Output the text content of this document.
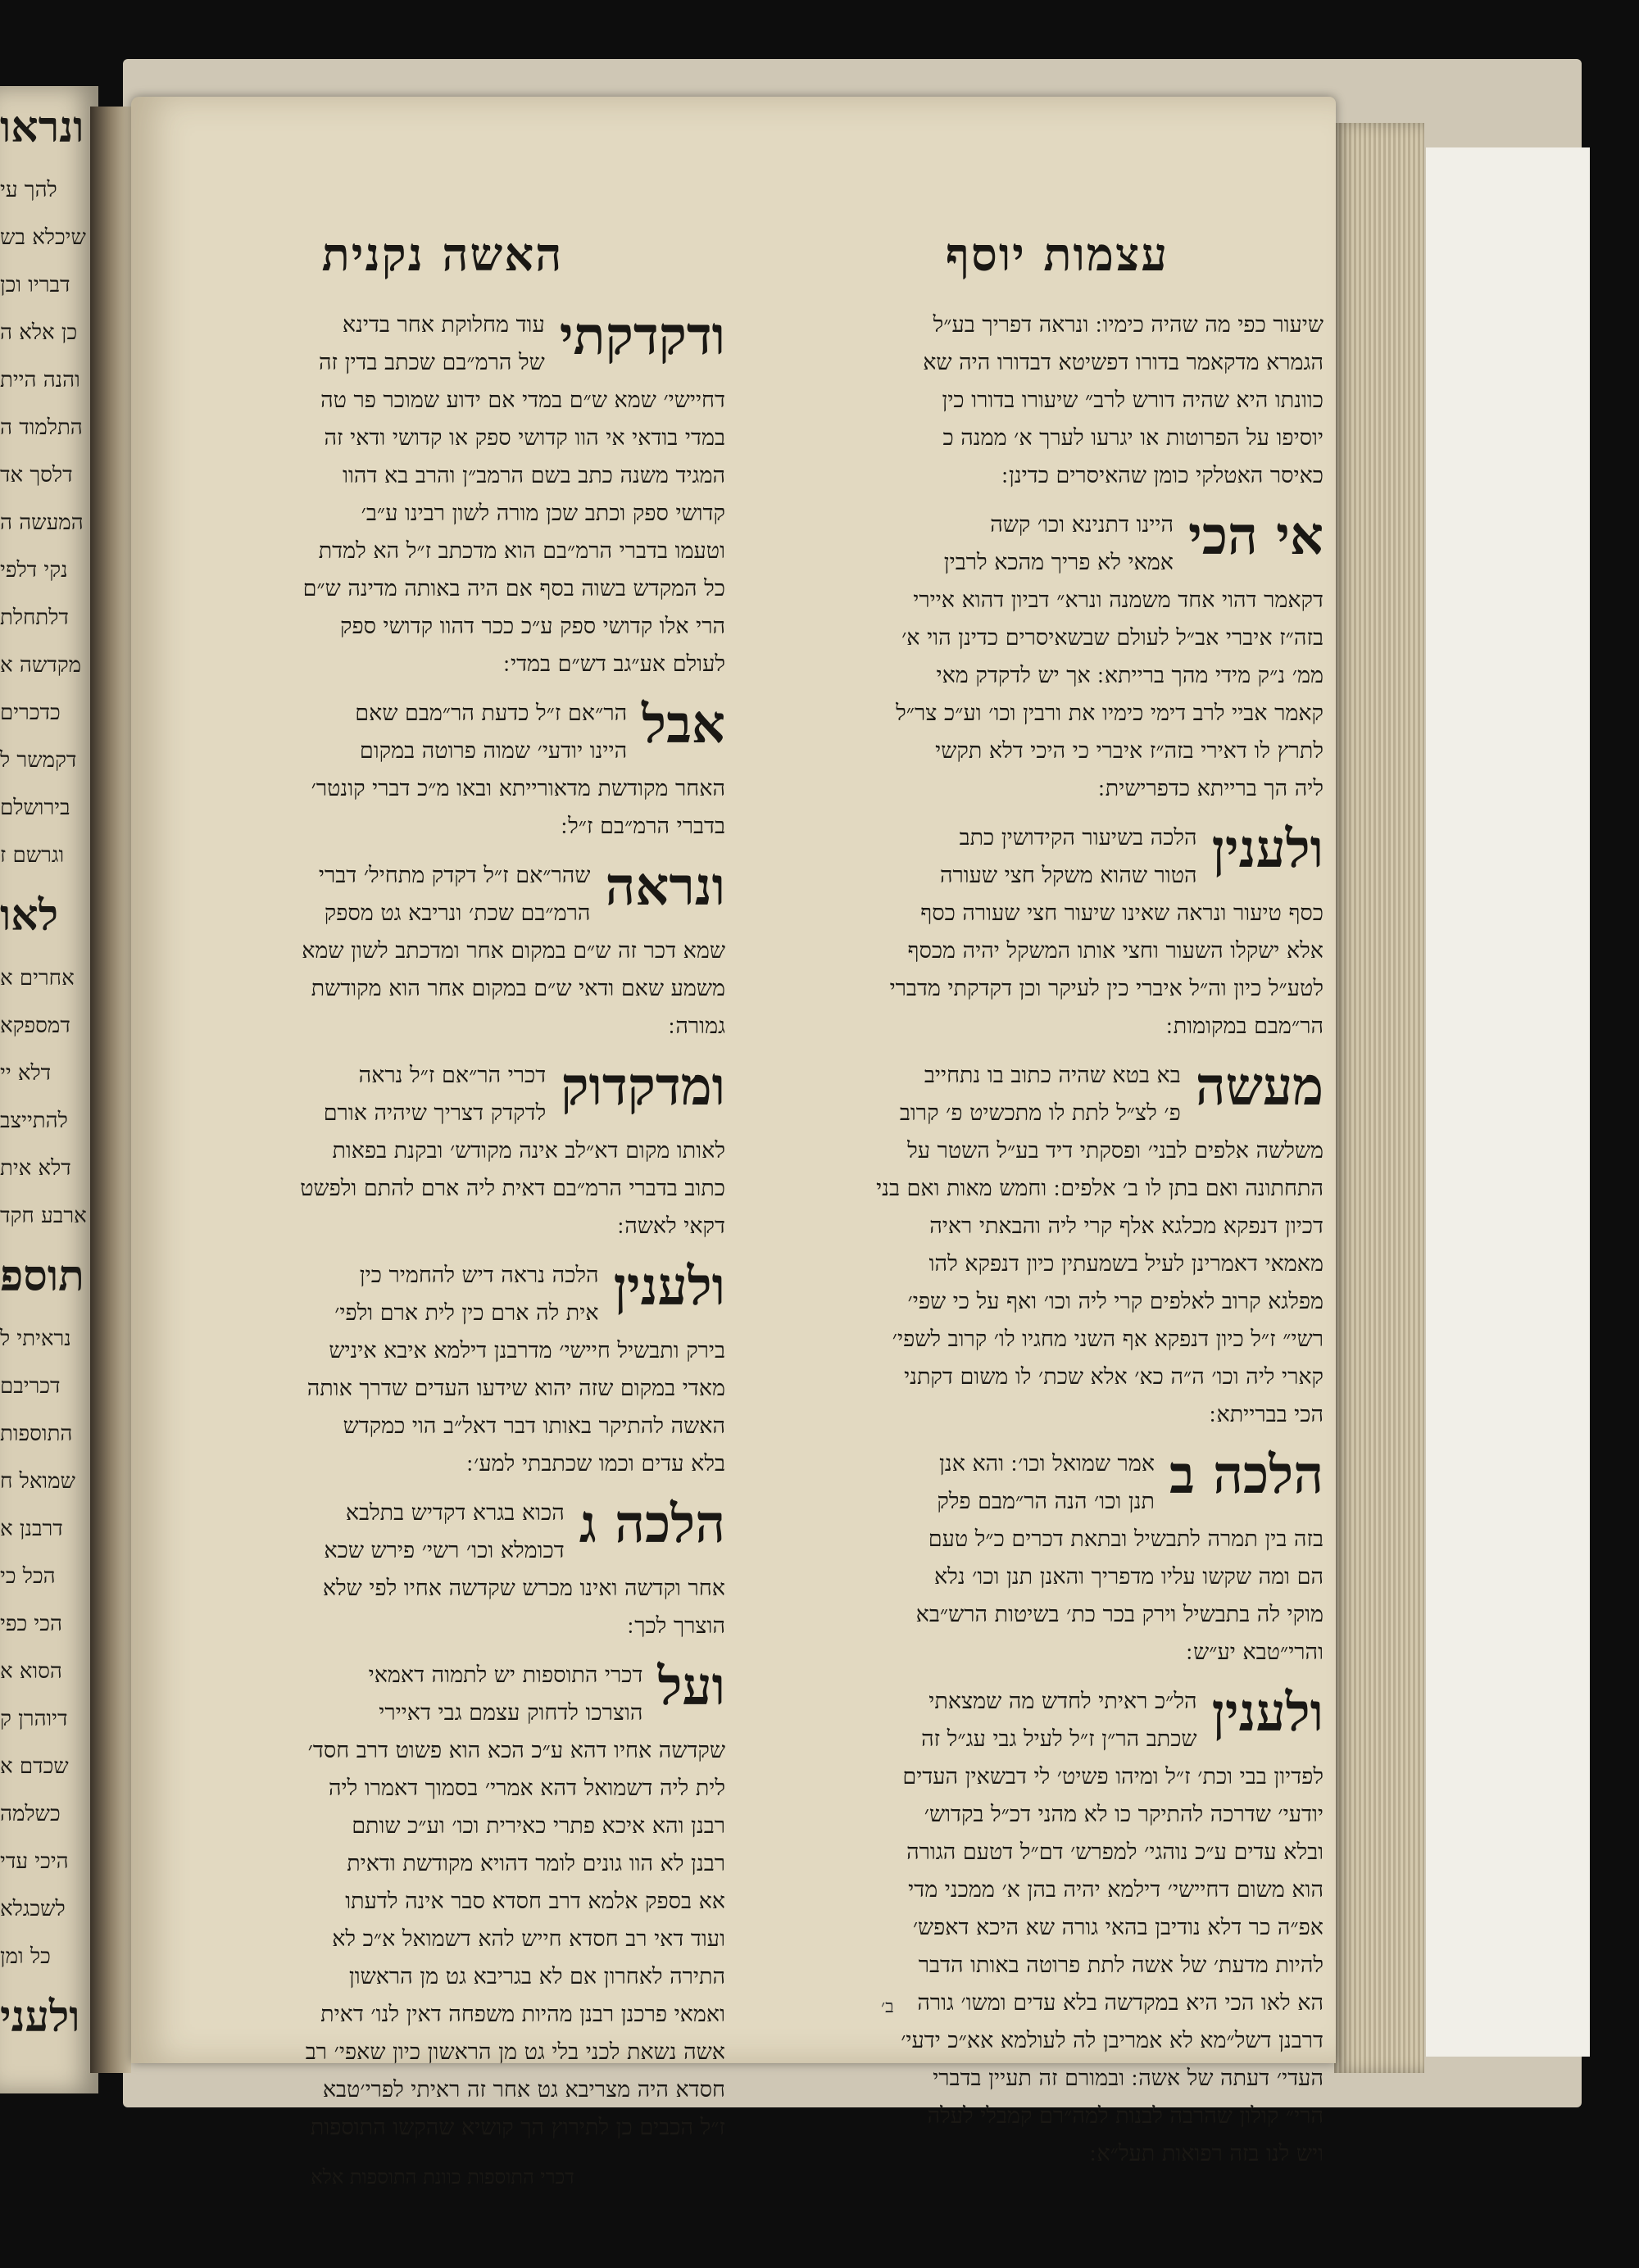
ונראו
להך עי
שיכלא בש
דבריו וכן
כן אלא ה
והנה היית
התלמוד ה
דלסך אד
המעשה ה
נקי דלפי
דלתחלת
מקדשה א
כדכרים
דקמשר ל
בירושלם
וגרשם ז
לאו
אחרים א
דמספקא
דלא יי
להתייצב
דלא אית
ארבע חקד
תוספ
נראיתי ל
דכריבם
התוספות
שמואל ח
דרבנן א
הכל כי
הכי כפי
הסוא א
דיוהרן ק
שכדם א
כשלמה
היכי עדי
לשכגלא
כל ומן
ולעני
עצמות יוסף
שיעור כפי מה שהיה כימיו ׃ ונראה דפריך בע״ל
הגמרא מדקאמר בדורו דפשיטא דבדורו היה שא
כוונתו היא שהיה דורש לרב״ שיעורו בדורו כין
יוסיפו על הפרוטות או יגרעו לערך א׳ ממנה כ
כאיסר האטלקי כומן שהאיסרים כדינן ׃
אי הכי
היינו דתנינא וכו׳ קשה
אמאי לא פריך מהכא לרבין
דקאמר דהוי אחד משמנה ונרא״ דביון דהוא איירי
בזה״ז איברי אב״ל לעולם שבשאיסרים כדינן הוי א׳
ממ׳ נ״ק מידי מהך ברייתא ׃ אך יש לדקדק מאי
קאמר אביי לרב דימי כימיו את ורבין וכו׳ וע״כ צר״ל
לתרץ לו דאירי בזה״ז איברי כי היכי דלא תקשי
ליה הך ברייתא כדפרישית ׃
ולענין
הלכה בשיעור הקידושין כתב
הטור שהוא משקל חצי שעורה
כסף טיעור ונראה שאינו שיעור חצי שעורה כסף
אלא ישקלו השעור וחצי אותו המשקל יהיה מכסף
לטע״ל כיון וה״ל איברי כין לעיקר וכן דקדקתי מדברי
הר״מבם במקומות ׃
מעשה
בא בטא שהיה כתוב בו נתחייב
פ׳ לצ״ל לתת לו מתכשיט פ׳ קרוב
משלשה אלפים לבני׳ ופסקתי דיד בע״ל השטר על
התחתונה ואם בתן לו ב׳ אלפים ׃ וחמש מאות ואם בני
דכיון דנפקא מכלגא אלף קרי ליה והבאתי ראיה
מאמאי דאמרינן לעיל בשמעתין כיון דנפקא להו
מפלגא קרוב לאלפים קרי ליה וכו׳ ואף על כי שפי׳
רשי״ ז״ל כיון דנפקא אף השני מחגיו לו׳ קרוב לשפי׳
קארי ליה וכו׳ ה״ה כא׳ אלא שכת׳ לו משום דקתני
הכי בברייתא ׃
הלכה ב
אמר שמואל וכו׳ ׃ והא אנן
תנן וכו׳ הנה הר״מבם פלק
בזה בין תמרה לתבשיל ובתאת דכרים כ״ל טעם
הם ומה שקשו עליו מדפריך והאנן תנן וכו׳ נלא
מוקי לה בתבשיל וירק בכר כת׳ בשיטות הרש״בא
והרי״טבא יע״ש ׃
ולענין
הל״כ ראיתי לחדש מה שמצאתי
שכתב הר״ן ז״ל לעיל גבי עג״ל זה
לפדיון בבי וכת׳ ז״ל ומיהו פשיט׳ לי דבשאין העדים
יודעי׳ שדרכה להתיקר כו לא מהני דכ״ל בקדוש׳
ובלא עדים ע״כ נוהגי׳ למפרש׳ דם״ל דטעם הגורה
הוא משום דחיישי׳ דילמא יהיה בהן א׳ ממכני מדי
אפ״ה כר דלא נודיבן בהאי גורה שא היכא דאפש׳
להיות מדעת׳ של אשה לתת פרוטה באותו הדבר
הא לאו הכי היא במקדשה בלא עדים ומשו׳ גורה
דרבנן דשל״מא לא אמריבן לה לעולמא אא״כ ידעי׳
העדי׳ דעתה של אשה ׃ ובמורם זה תעיין בדברי
הרי״ קולון שהרבה לבנות למה״רם קמבלי לעלה
ויש לנו בזה רפואות תעל״א ׃
האשה נקנית
ודקדקתי
עוד מחלוקת אחר בדינא
של הרמ״בם שכתב בדין זה
דחיישי׳ שמא ש״ם במדי אם ידוע שמוכר פר טה
במדי בודאי אי הוו קדושי ספק או קדושי ודאי זה
המגיד משנה כתב בשם הרמב״ן והרב בא דהוו
קדושי ספק וכתב שכן מורה לשון רבינו ע״ב׳
וטעמו בדברי הרמ״בם הוא מדכתב ז״ל הא למדת
כל המקדש בשוה בסף אם היה באותה מדינה ש״ם
הרי אלו קדושי ספק ע״כ ככר דהוו קדושי ספק
לעולם אע״גב דש״ם במדי ׃
אבל
הר״אם ז״ל כדעת הר״מבם שאם
היינו יודעי׳ שמוה פרוטה במקום
האחר מקודשת מדאורייתא ובאו מ״כ דברי קונטר׳
בדברי הרמ״בם ז״ל ׃
ונראה
שהר״אם ז״ל דקדק מתחיל׳ דברי
הרמ״בם שכת׳ ונריבא גט מספק
שמא דכר זה ש״ם במקום אחר ומדכתב לשון שמא
משמע שאם ודאי ש״ם במקום אחר הוא מקודשת
גמורה ׃
ומדקדוק
דכרי הר״אם ז״ל נראה
לדקדק דצריך שיהיה אורם
לאותו מקום דא״לב אינה מקודש׳ ובקנת בפאות
כתוב בדברי הרמ״בם דאית ליה ארם להתם ולפשט
דקאי לאשה ׃
ולענין
הלכה נראה דיש להחמיר כין
אית לה ארם כין לית ארם ולפי׳
בירק ותבשיל חיישי׳ מדרבנן דילמא איבא איניש
מאדי במקום שזה יהוא שידעו העדים שדרך אותה
האשה להתיקר באותו דבר דאל״ב הוי כמקדש
בלא עדים וכמו שכתבתי למע׳ ׃
הלכה ג
הכוא בגרא דקדיש בתלבא
דכומלא וכו׳ רשי׳ פירש שכא
אחר וקדשה ואינו מכרש שקדשה אחיו לפי שלא
הוצרך לכך ׃
ועל
דכרי התוספות יש לתמוה דאמאי
הוצרכו לדחוק עצמם גבי דאיירי
שקדשה אחיו דהא ע״כ הכא הוא פשוט דרב חסד׳
לית ליה דשמואל דהא אמרי׳ בסמוך דאמרו ליה
רבנן והא איכא פתרי כאירית וכו׳ וע״כ שותם
רבנן לא הוו גונים לומר דהויא מקודשת ודאית
אא בספק אלמא דרב חסדא סבר אינה לדעתו
ועוד דאי רב חסדא חייש להא דשמואל א״כ לא
התירה לאחרון אם לא בגריבא גט מן הראשון
ואמאי פרכנן רבנן מהיות משפחה דאין לנו׳ דאית
אשה נשאת לכני בלי גט מן הראשון כיון שאפי׳ רב
חסדא היה מצריבא גט אחר זה ראיתי לפרי׳טבא
ז״ל הכבים כן לתירוץ הך קושיא שהקשו התוספות
דכרי התוספות כוונת התוספות אלא
ב׳
